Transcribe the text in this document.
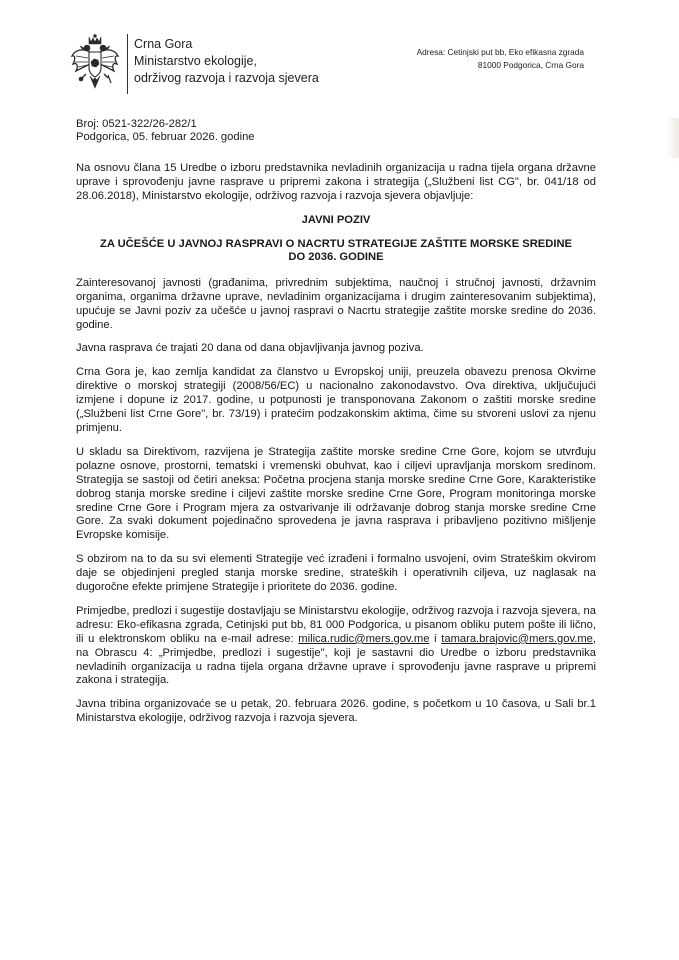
Crna Gora
Ministarstvo ekologije,
održivog razvoja i razvoja sjevera
Adresa: Cetinjski put bb, Eko efikasna zgrada
81000 Podgorica, Crna Gora
Broj: 0521-322/26-282/1
Podgorica, 05. februar 2026. godine

Na osnovu člana 15 Uredbe o izboru predstavnika nevladinih organizacija u radna tijela organa državne uprave i sprovođenju javne rasprave u pripremi zakona i strategija („Službeni list CG", br. 041/18 od 28.06.2018), Ministarstvo ekologije, održivog razvoja i razvoja sjevera objavljuje:

JAVNI POZIV
ZA UČEŠĆE U JAVNOJ RASPRAVI O NACRTU STRATEGIJE ZAŠTITE MORSKE SREDINE
DO 2036. GODINE

Zainteresovanoj javnosti (građanima, privrednim subjektima, naučnoj i stručnoj javnosti, državnim organima, organima državne uprave, nevladinim organizacijama i drugim zainteresovanim subjektima), upućuje se Javni poziv za učešće u javnoj raspravi o Nacrtu strategije zaštite morske sredine do 2036. godine.

Javna rasprava će trajati 20 dana od dana objavljivanja javnog poziva.

Crna Gora je, kao zemlja kandidat za članstvo u Evropskoj uniji, preuzela obavezu prenosa Okvirne direktive o morskoj strategiji (2008/56/EC) u nacionalno zakonodavstvo. Ova direktiva, uključujući izmjene i dopune iz 2017. godine, u potpunosti je transponovana Zakonom o zaštiti morske sredine („Službeni list Crne Gore", br. 73/19) i pratećim podzakonskim aktima, čime su stvoreni uslovi za njenu primjenu.

U skladu sa Direktivom, razvijena je Strategija zaštite morske sredine Crne Gore, kojom se utvrđuju polazne osnove, prostorni, tematski i vremenski obuhvat, kao i ciljevi upravljanja morskom sredinom. Strategija se sastoji od četiri aneksa: Početna procjena stanja morske sredine Crne Gore, Karakteristike dobrog stanja morske sredine i ciljevi zaštite morske sredine Crne Gore, Program monitoringa morske sredine Crne Gore i Program mjera za ostvarivanje ili održavanje dobrog stanja morske sredine Crne Gore. Za svaki dokument pojedinačno sprovedena je javna rasprava i pribavljeno pozitivno mišljenje Evropske komisije.

S obzirom na to da su svi elementi Strategije već izrađeni i formalno usvojeni, ovim Strateškim okvirom daje se objedinjeni pregled stanja morske sredine, strateških i operativnih ciljeva, uz naglasak na dugoročne efekte primjene Strategije i prioritete do 2036. godine.

Primjedbe, predlozi i sugestije dostavljaju se Ministarstvu ekologije, održivog razvoja i razvoja sjevera, na adresu: Eko-efikasna zgrada, Cetinjski put bb, 81 000 Podgorica, u pisanom obliku putem pošte ili lično, ili u elektronskom obliku na e-mail adrese: milica.rudic@mers.gov.me i tamara.brajovic@mers.gov.me, na Obrascu 4: „Primjedbe, predlozi i sugestije", koji je sastavni dio Uredbe o izboru predstavnika nevladinih organizacija u radna tijela organa državne uprave i sprovođenju javne rasprave u pripremi zakona i strategija.

Javna tribina organizovaće se u petak, 20. februara 2026. godine, s početkom u 10 časova, u Sali br.1 Ministarstva ekologije, održivog razvoja i razvoja sjevera.
